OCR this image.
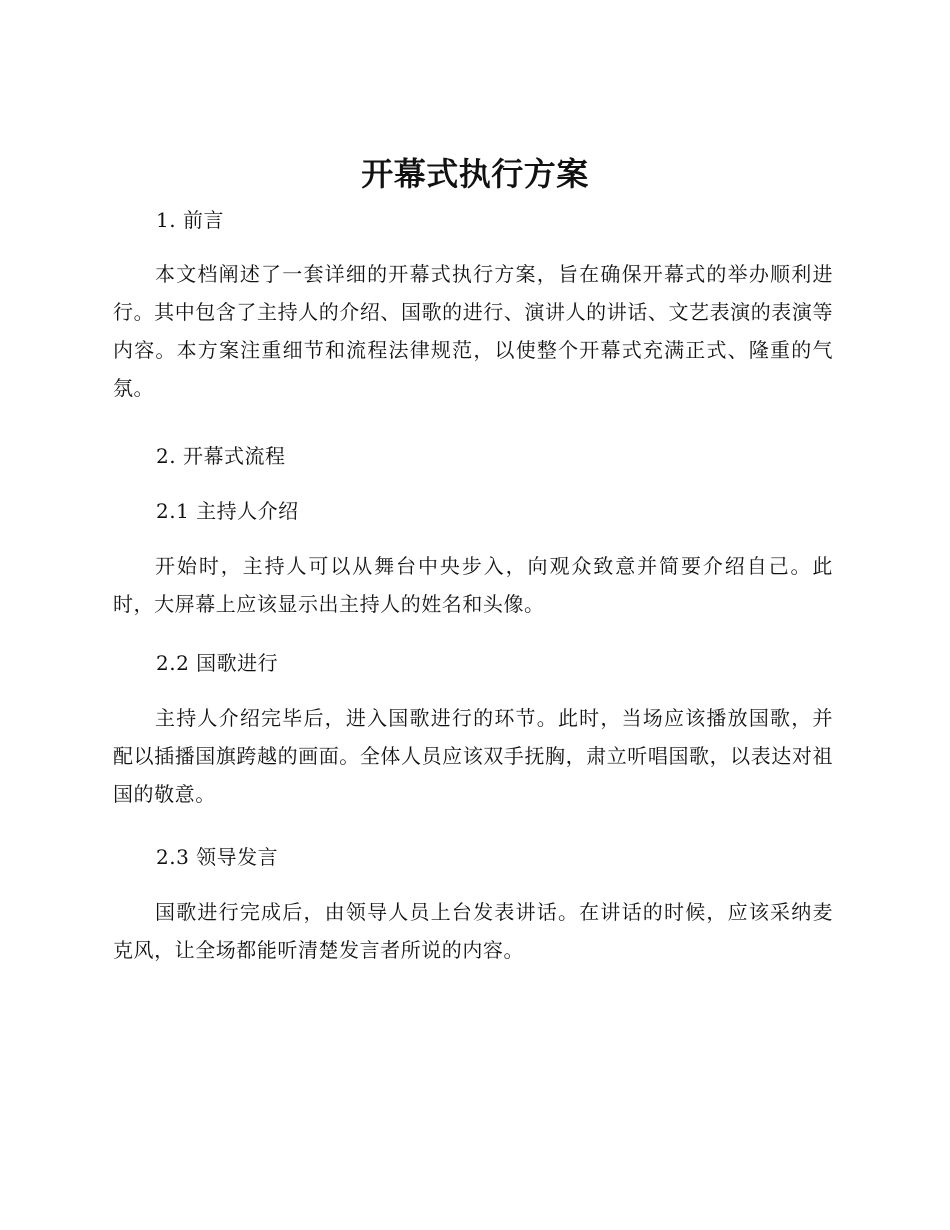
开幕式执行方案
1. 前言

本文档阐述了一套详细的开幕式执行方案，旨在确保开幕式的举办顺利进行。其中包含了主持人的介绍、国歌的进行、演讲人的讲话、文艺表演的表演等内容。本方案注重细节和流程法律规范，以使整个开幕式充满正式、隆重的气氛。

2. 开幕式流程
2.1 主持人介绍

开始时，主持人可以从舞台中央步入，向观众致意并简要介绍自己。此时，大屏幕上应该显示出主持人的姓名和头像。

2.2 国歌进行

主持人介绍完毕后，进入国歌进行的环节。此时，当场应该播放国歌，并配以插播国旗跨越的画面。全体人员应该双手抚胸，肃立听唱国歌，以表达对祖国的敬意。

2.3 领导发言

国歌进行完成后，由领导人员上台发表讲话。在讲话的时候，应该采纳麦克风，让全场都能听清楚发言者所说的内容。
